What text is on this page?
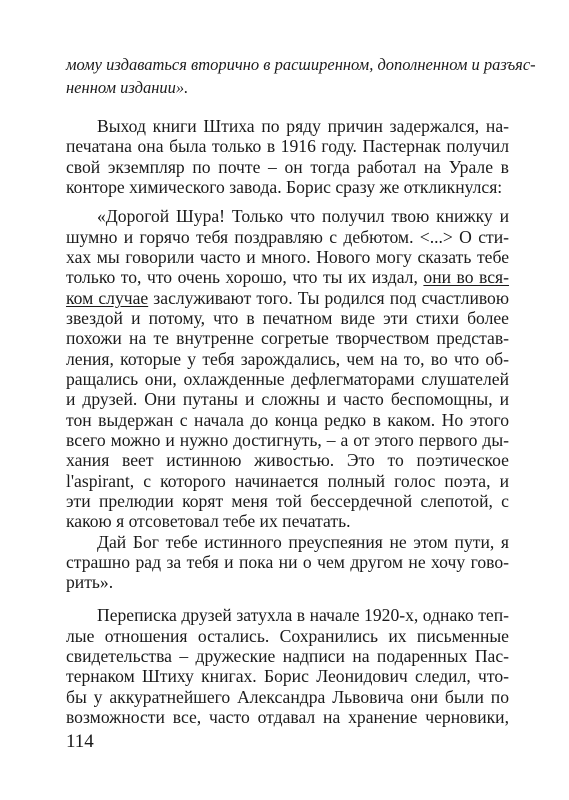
мому издаваться вторично в расширенном, дополненном и разъяс-
ненном издании».
Выход книги Штиха по ряду причин задержался, на-
печатана она была только в 1916 году. Пастернак получил
свой экземпляр по почте – он тогда работал на Урале в
конторе химического завода. Борис сразу же откликнулся:
«Дорогой Шура! Только что получил твою книжку и
шумно и горячо тебя поздравляю с дебютом. <...> О сти-
хах мы говорили часто и много. Нового могу сказать тебе
только то, что очень хорошо, что ты их издал, они во вся-
ком случае заслуживают того. Ты родился под счастливою
звездой и потому, что в печатном виде эти стихи более
похожи на те внутренне согретые творчеством представ-
ления, которые у тебя зарождались, чем на то, во что об-
ращались они, охлажденные дефлегматорами слушателей
и друзей. Они путаны и сложны и часто беспомощны, и
тон выдержан с начала до конца редко в каком. Но этого
всего можно и нужно достигнуть, – а от этого первого ды-
хания веет истинною живостью. Это то поэтическое
l'aspirant, с которого начинается полный голос поэта, и
эти прелюдии корят меня той бессердечной слепотой, с
какою я отсоветовал тебе их печатать.
Дай Бог тебе истинного преуспеяния не этом пути, я
страшно рад за тебя и пока ни о чем другом не хочу гово-
рить».
114
Переписка друзей затухла в начале 1920-х, однако теп-
лые отношения остались. Сохранились их письменные
свидетельства – дружеские надписи на подаренных Пас-
тернаком Штиху книгах. Борис Леонидович следил, что-
бы у аккуратнейшего Александра Львовича они были по
возможности все, часто отдавал на хранение черновики,
